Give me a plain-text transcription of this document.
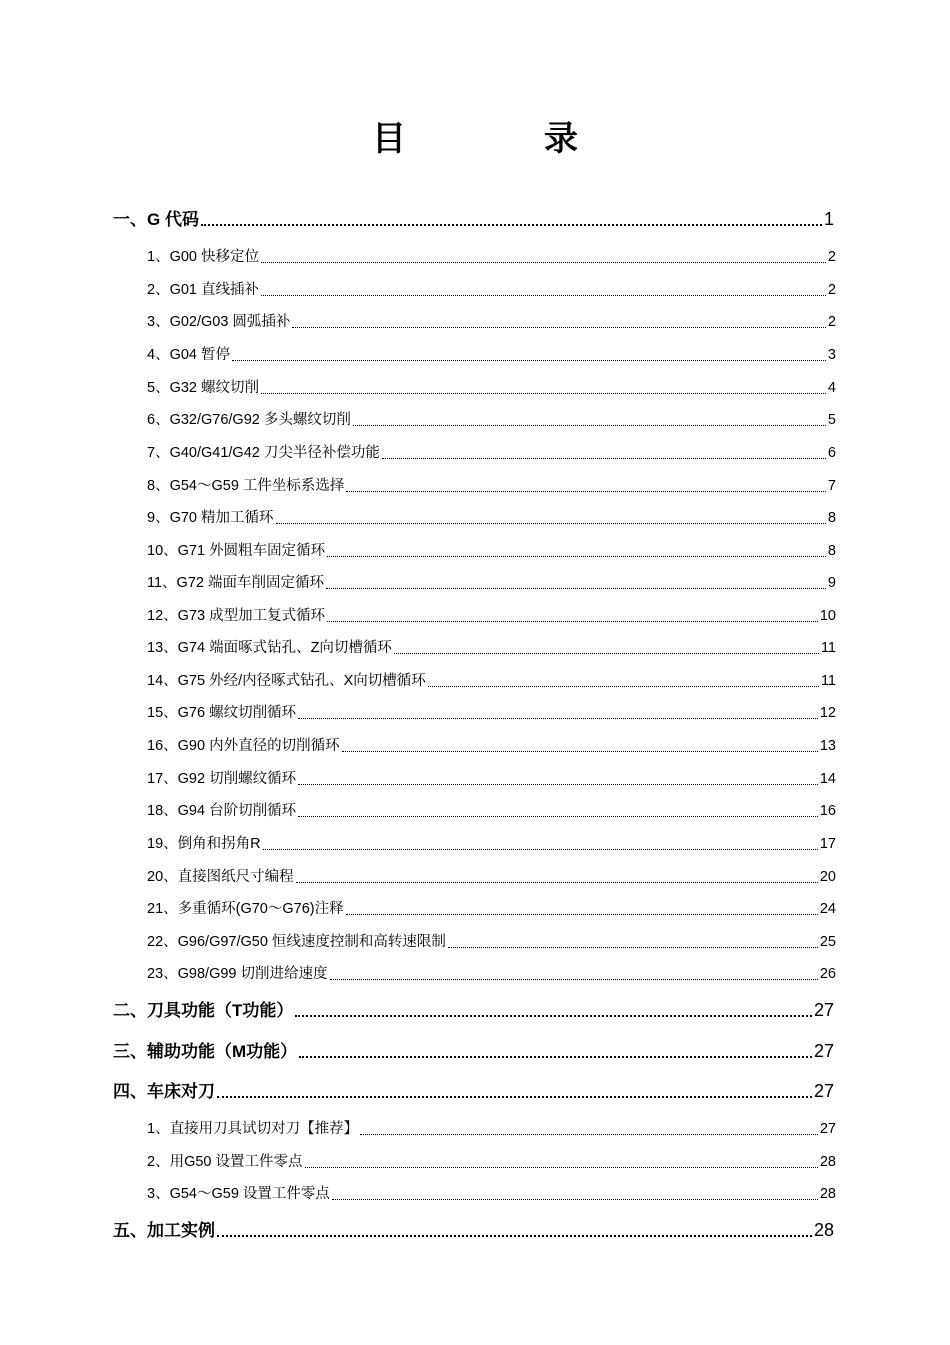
目　录
一、G 代码	1
1、G00 快移定位	2
2、G01 直线插补	2
3、G02/G03 圆弧插补	2
4、G04 暂停	3
5、G32 螺纹切削	4
6、G32/G76/G92 多头螺纹切削	5
7、G40/G41/G42 刀尖半径补偿功能	6
8、G54～G59 工件坐标系选择	7
9、G70 精加工循环	8
10、G71 外圆粗车固定循环	8
11、G72 端面车削固定循环	9
12、G73 成型加工复式循环	10
13、G74 端面啄式钻孔、Z向切槽循环	11
14、G75 外经/内径啄式钻孔、X向切槽循环	11
15、G76 螺纹切削循环	12
16、G90 内外直径的切削循环	13
17、G92 切削螺纹循环	14
18、G94 台阶切削循环	16
19、倒角和拐角R	17
20、直接图纸尺寸编程	20
21、多重循环(G70～G76)注释	24
22、G96/G97/G50 恒线速度控制和高转速限制	25
23、G98/G99 切削进给速度	26
二、刀具功能（T功能）	27
三、辅助功能（M功能）	27
四、车床对刀	27
1、直接用刀具试切对刀【推荐】	27
2、用G50 设置工件零点	28
3、G54～G59 设置工件零点	28
五、加工实例	28
